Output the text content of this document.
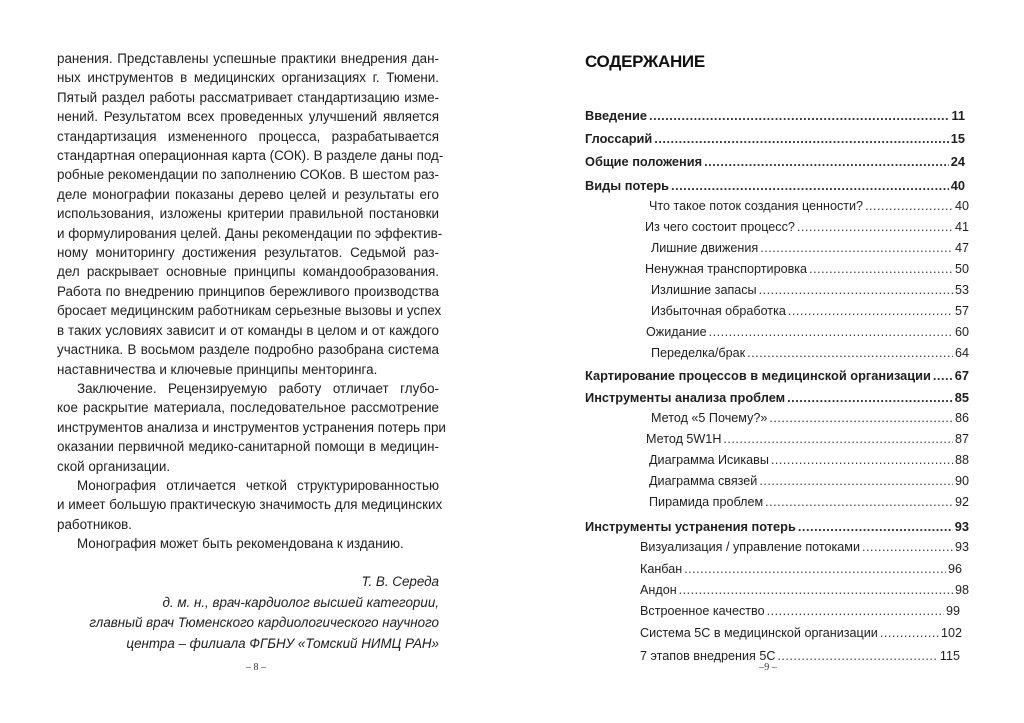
ранения. Представлены успешные практики внедрения дан-
ных инструментов в медицинских организациях г. Тюмени.
Пятый раздел работы рассматривает стандартизацию изме-
нений. Результатом всех проведенных улучшений является
стандартизация измененного процесса, разрабатывается
стандартная операционная карта (СОК). В разделе даны под-
робные рекомендации по заполнению СОКов. В шестом раз-
деле монографии показаны дерево целей и результаты его
использования, изложены критерии правильной постановки
и формулирования целей. Даны рекомендации по эффектив-
ному мониторингу достижения результатов. Седьмой раз-
дел раскрывает основные принципы командообразования.
Работа по внедрению принципов бережливого производства
бросает медицинским работникам серьезные вызовы и успех
в таких условиях зависит и от команды в целом и от каждого
участника. В восьмом разделе подробно разобрана система
наставничества и ключевые принципы менторинга.
Заключение. Рецензируемую работу отличает глубо-
кое раскрытие материала, последовательное рассмотрение
инструментов анализа и инструментов устранения потерь при
оказании первичной медико-санитарной помощи в медицин-
ской организации.
Монография отличается четкой структурированностью
и имеет большую практическую значимость для медицинских
работников.
Монография может быть рекомендована к изданию.
Т. В. Середа
д. м. н., врач-кардиолог высшей категории,
главный врач Тюменского кардиологического научного
центра – филиала ФГБНУ «Томский НИМЦ РАН»
– 8 –
СОДЕРЖАНИЕ
Введение .....	11
Глоссарий .....	15
Общие положения .....	24
Виды потерь .....	40
Что такое поток создания ценности? .....	40
Из чего состоит процесс? .....	41
Лишние движения .....	47
Ненужная транспортировка .....	50
Излишние запасы .....	53
Избыточная обработка .....	57
Ожидание .....	60
Переделка/брак .....	64
Картирование процессов в медицинской организации ..... 67
Инструменты анализа проблем .....	85
Метод «5 Почему?» .....	86
Метод 5W1H .....	87
Диаграмма Исикавы .....	88
Диаграмма связей .....	90
Пирамида проблем .....	92
Инструменты устранения потерь .....	93
Визуализация / управление потоками .....	93
Канбан .....	96
Андон .....	98
Встроенное качество .....	99
Система 5С в медицинской организации .....	102
7 этапов внедрения 5С .....	115
–9 –
